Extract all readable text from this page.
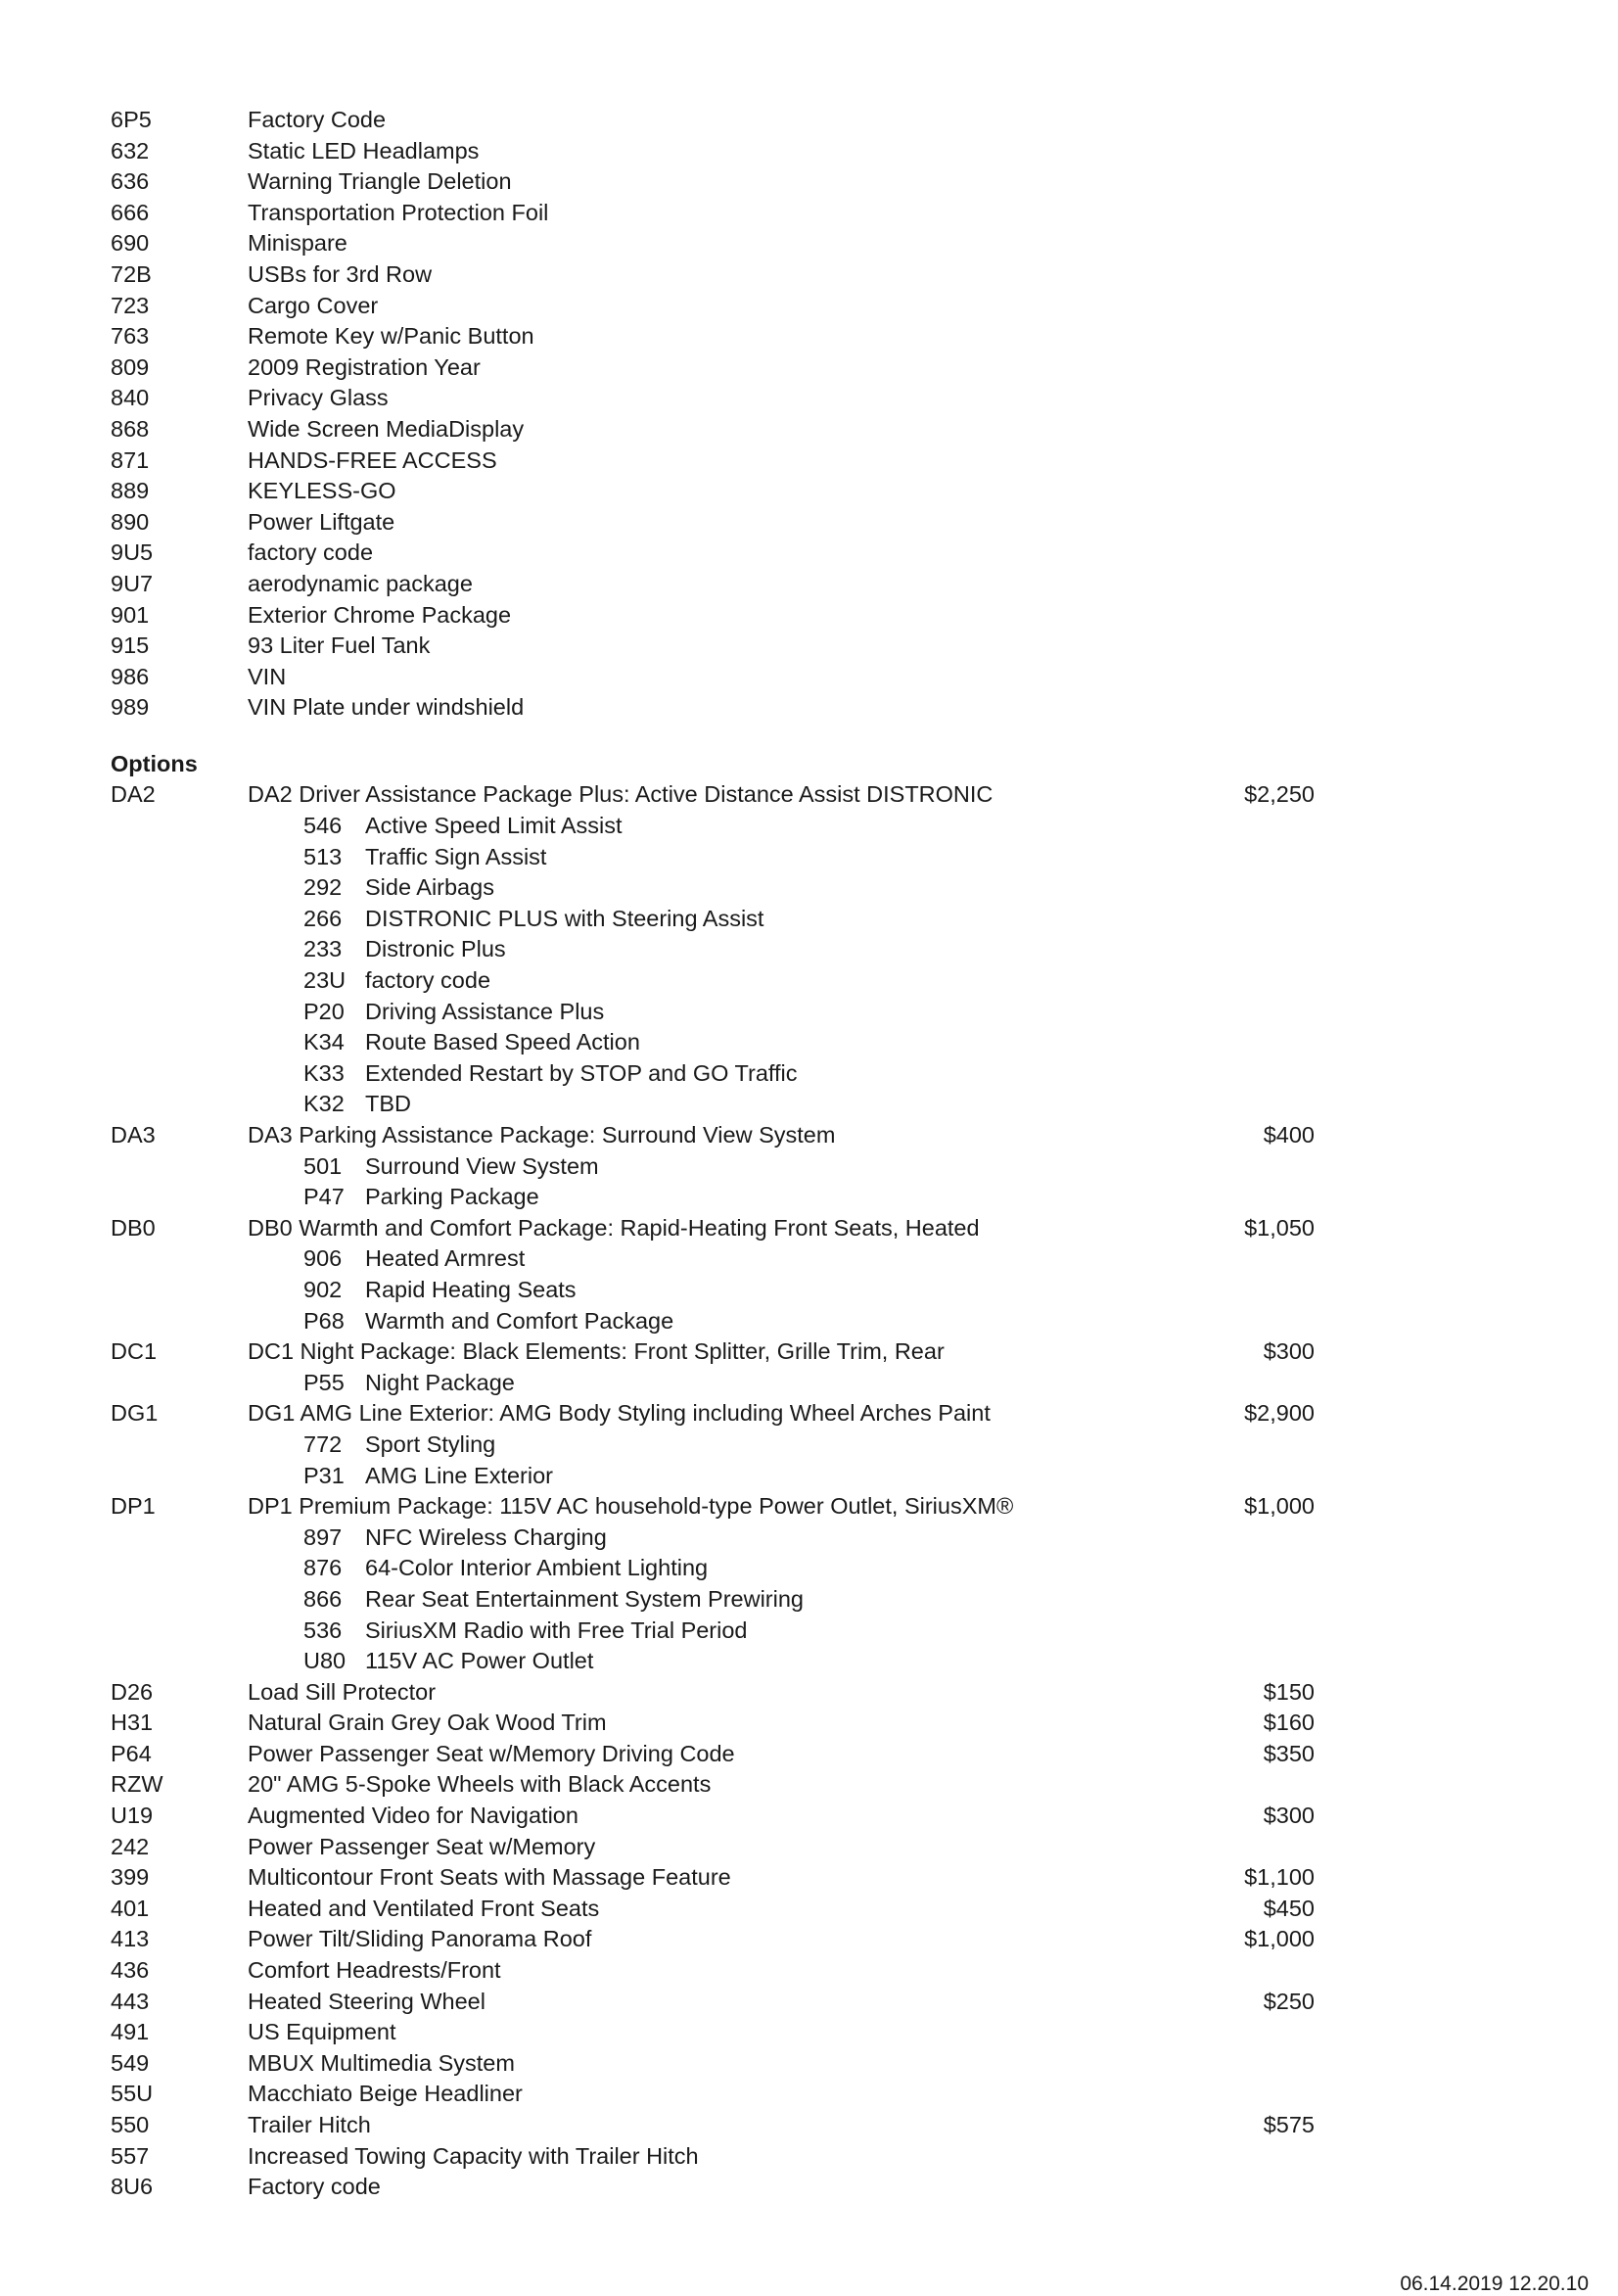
6P5	Factory Code
632	Static LED Headlamps
636	Warning Triangle Deletion
666	Transportation Protection Foil
690	Minispare
72B	USBs for 3rd Row
723	Cargo Cover
763	Remote Key w/Panic Button
809	2009 Registration Year
840	Privacy Glass
868	Wide Screen MediaDisplay
871	HANDS-FREE ACCESS
889	KEYLESS-GO
890	Power Liftgate
9U5	factory code
9U7	aerodynamic package
901	Exterior Chrome Package
915	93 Liter Fuel Tank
986	VIN
989	VIN Plate under windshield
Options
DA2	DA2 Driver Assistance Package Plus: Active Distance Assist DISTRONIC	$2,250
546 Active Speed Limit Assist
513 Traffic Sign Assist
292 Side Airbags
266 DISTRONIC PLUS with Steering Assist
233 Distronic Plus
23U factory code
P20 Driving Assistance Plus
K34 Route Based Speed Action
K33 Extended Restart by STOP and GO Traffic
K32 TBD
DA3	DA3 Parking Assistance Package: Surround View System	$400
501 Surround View System
P47 Parking Package
DB0	DB0 Warmth and Comfort Package: Rapid-Heating Front Seats, Heated	$1,050
906 Heated Armrest
902 Rapid Heating Seats
P68 Warmth and Comfort Package
DC1	DC1 Night Package: Black Elements: Front Splitter, Grille Trim, Rear	$300
P55 Night Package
DG1	DG1 AMG Line Exterior: AMG Body Styling including Wheel Arches Paint	$2,900
772 Sport Styling
P31 AMG Line Exterior
DP1	DP1 Premium Package: 115V AC household-type Power Outlet, SiriusXM®	$1,000
897 NFC Wireless Charging
876 64-Color Interior Ambient Lighting
866 Rear Seat Entertainment System Prewiring
536 SiriusXM Radio with Free Trial Period
U80 115V AC Power Outlet
D26	Load Sill Protector	$150
H31	Natural Grain Grey Oak Wood Trim	$160
P64	Power Passenger Seat w/Memory Driving Code	$350
RZW	20" AMG 5-Spoke Wheels with Black Accents
U19	Augmented Video for Navigation	$300
242	Power Passenger Seat w/Memory
399	Multicontour Front Seats with Massage Feature	$1,100
401	Heated and Ventilated Front Seats	$450
413	Power Tilt/Sliding Panorama Roof	$1,000
436	Comfort Headrests/Front
443	Heated Steering Wheel	$250
491	US Equipment
549	MBUX Multimedia System
55U	Macchiato Beige Headliner
550	Trailer Hitch	$575
557	Increased Towing Capacity with Trailer Hitch
8U6	Factory code
06.14.2019 12.20.10
